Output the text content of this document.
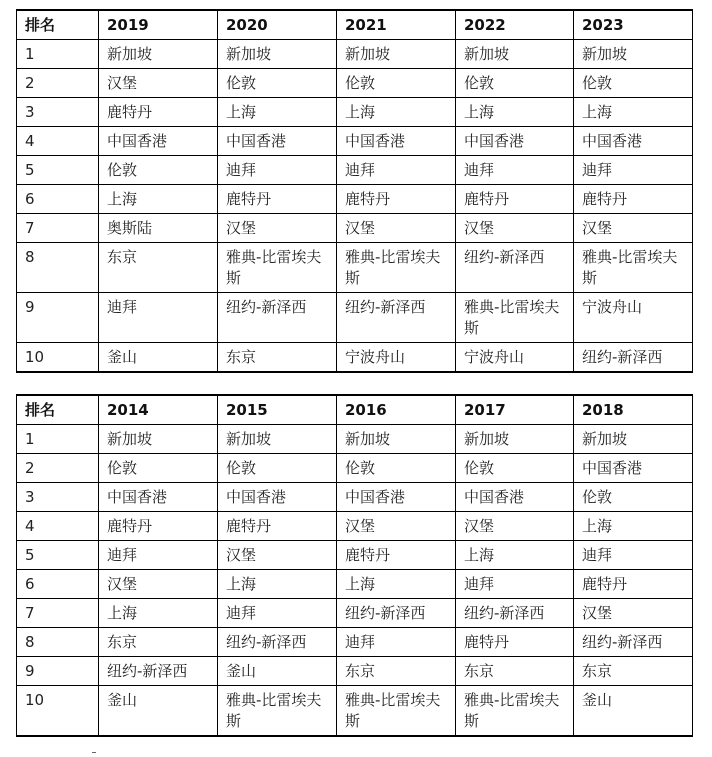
排名	2019	2020	2021	2022	2023
1	新加坡	新加坡	新加坡	新加坡	新加坡
2	汉堡	伦敦	伦敦	伦敦	伦敦
3	鹿特丹	上海	上海	上海	上海
4	中国香港	中国香港	中国香港	中国香港	中国香港
5	伦敦	迪拜	迪拜	迪拜	迪拜
6	上海	鹿特丹	鹿特丹	鹿特丹	鹿特丹
7	奥斯陆	汉堡	汉堡	汉堡	汉堡
8	东京	雅典-比雷埃夫斯	雅典-比雷埃夫斯	纽约-新泽西	雅典-比雷埃夫斯
9	迪拜	纽约-新泽西	纽约-新泽西	雅典-比雷埃夫斯	宁波舟山
10	釜山	东京	宁波舟山	宁波舟山	纽约-新泽西
排名	2014	2015	2016	2017	2018
1	新加坡	新加坡	新加坡	新加坡	新加坡
2	伦敦	伦敦	伦敦	伦敦	中国香港
3	中国香港	中国香港	中国香港	中国香港	伦敦
4	鹿特丹	鹿特丹	汉堡	汉堡	上海
5	迪拜	汉堡	鹿特丹	上海	迪拜
6	汉堡	上海	上海	迪拜	鹿特丹
7	上海	迪拜	纽约-新泽西	纽约-新泽西	汉堡
8	东京	纽约-新泽西	迪拜	鹿特丹	纽约-新泽西
9	纽约-新泽西	釜山	东京	东京	东京
10	釜山	雅典-比雷埃夫斯	雅典-比雷埃夫斯	雅典-比雷埃夫斯	釜山
